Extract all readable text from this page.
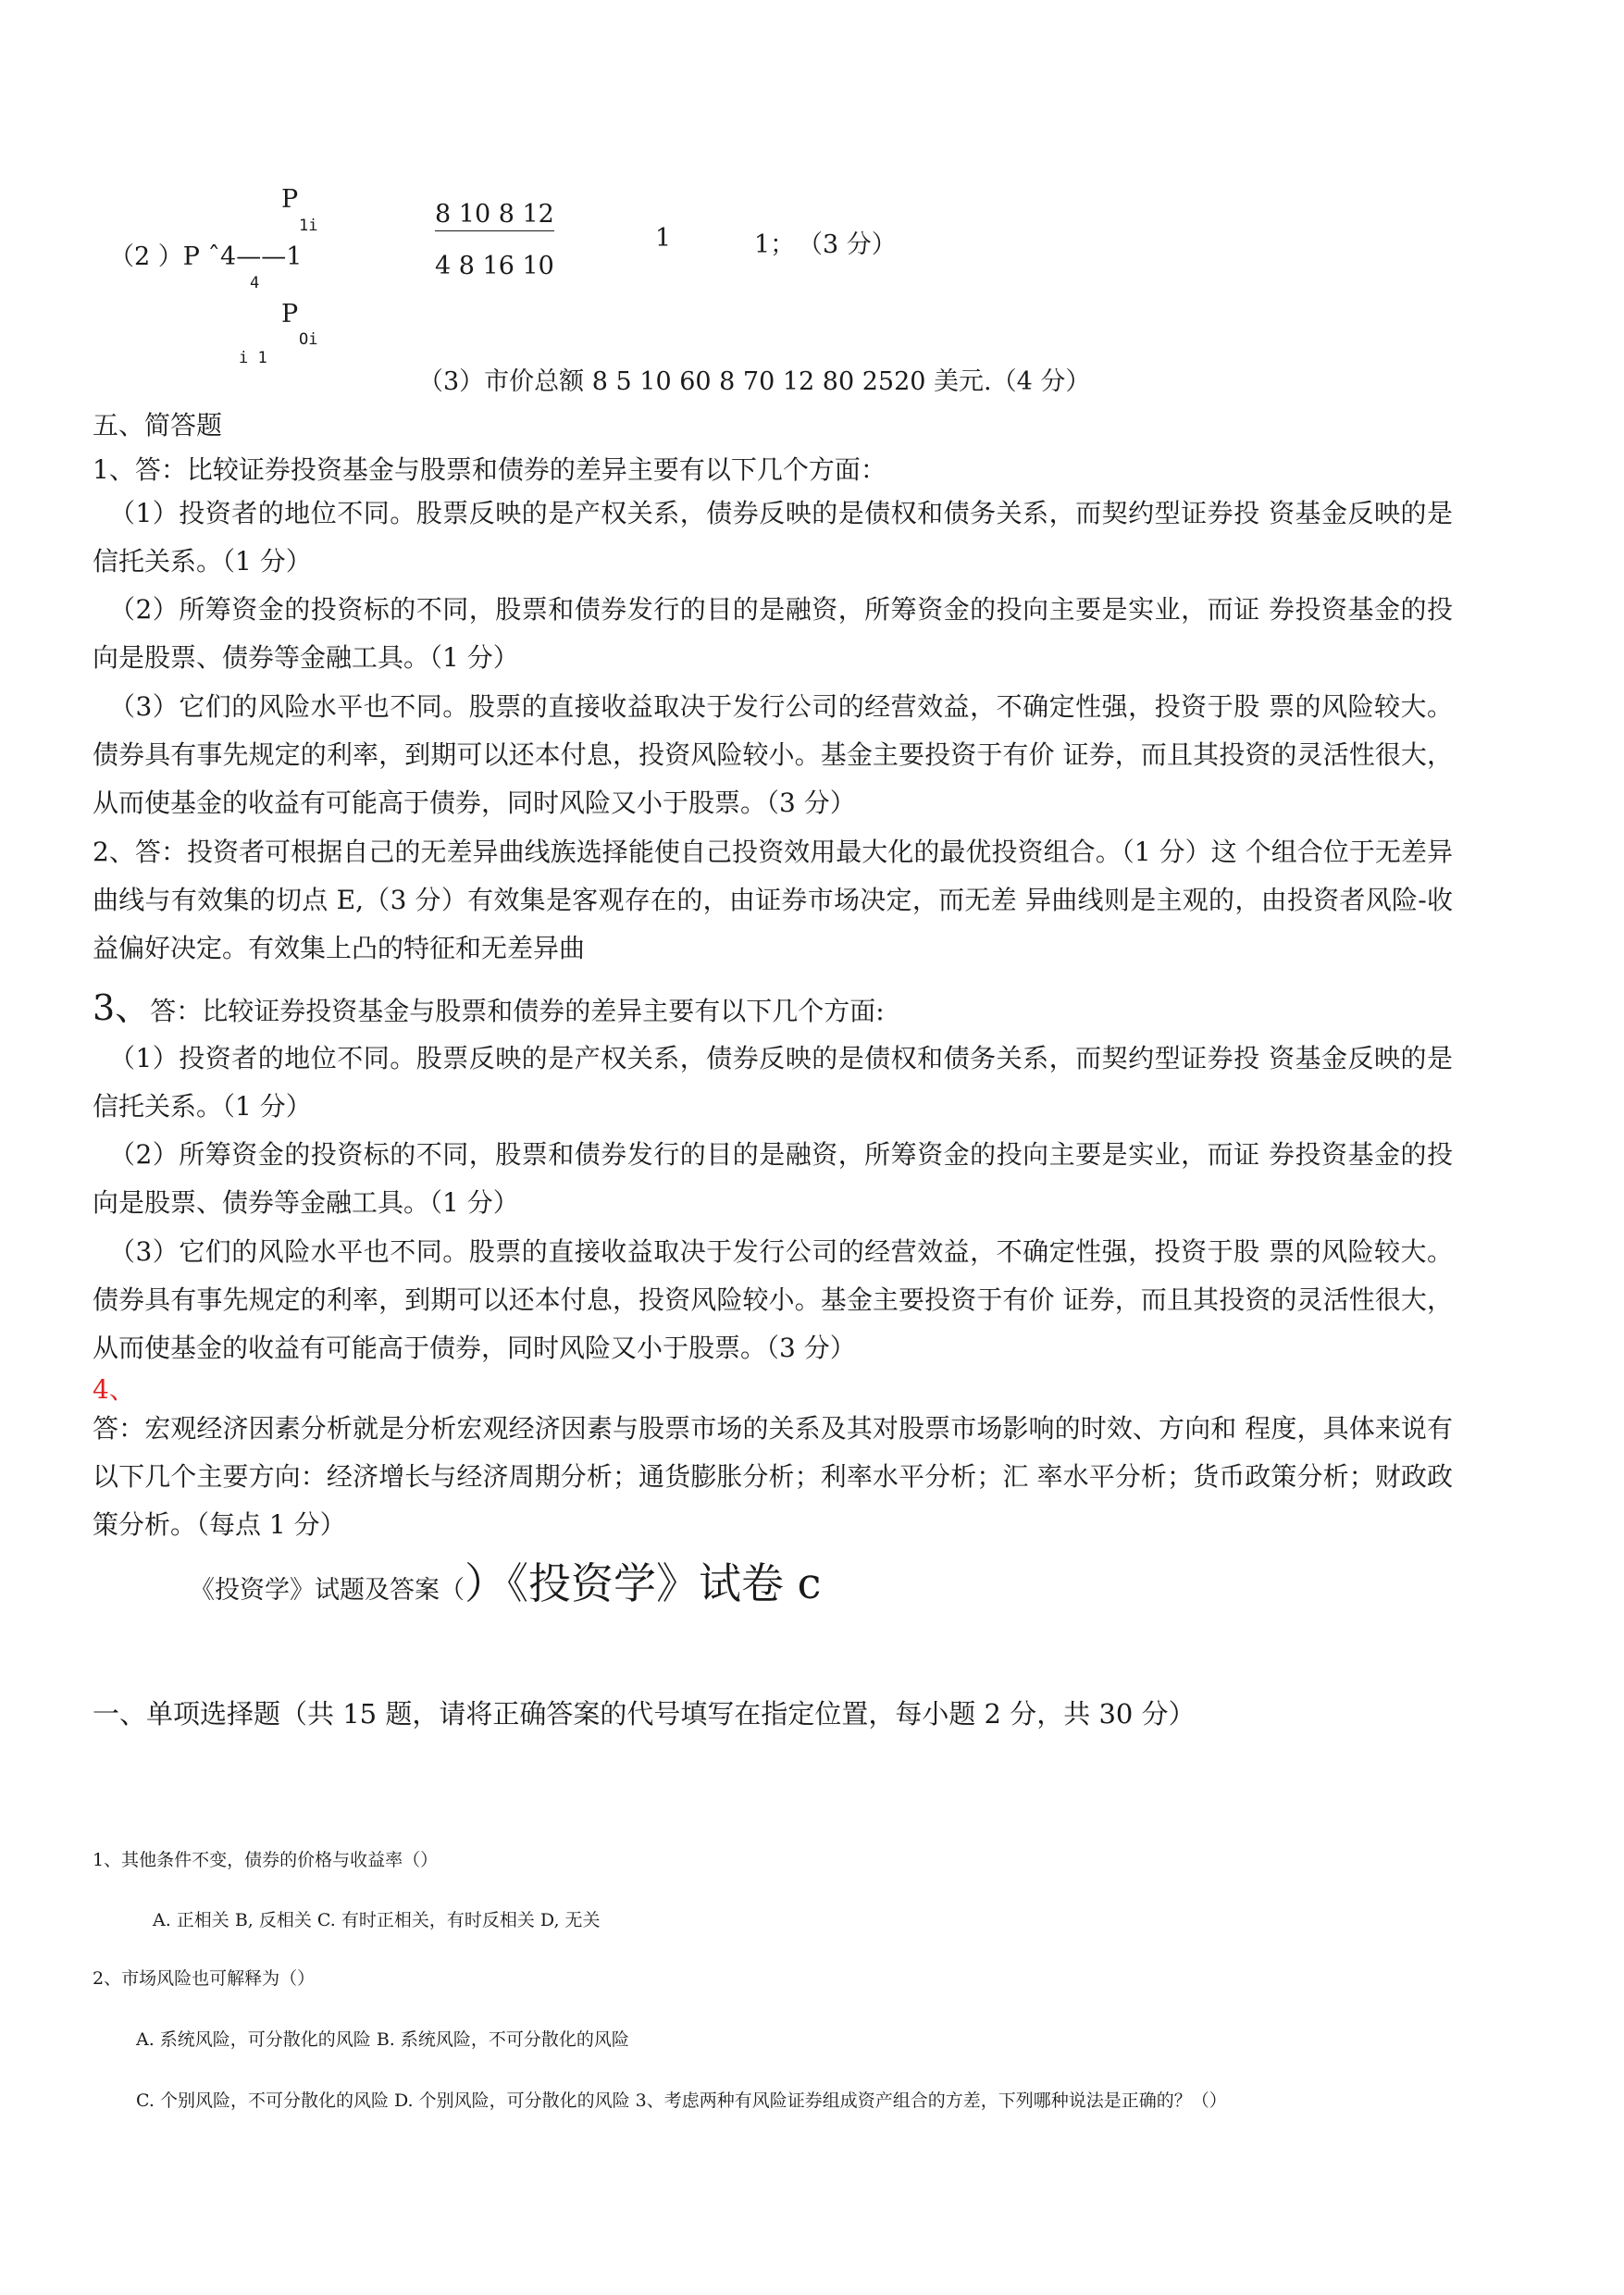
P
1i
（2 ）P ˆ4——1
4
P
Oi
i 1
8 10 8 12
4 8 16 10
1	1； （3 分）
（3）市价总额 8 5 10 60 8 70 12 80 2520 美元.（4 分）
五、简答题
1、答：比较证券投资基金与股票和债券的差异主要有以下几个方面：
（1）投资者的地位不同。股票反映的是产权关系，债券反映的是债权和债务关系，而契约型证券投 资基金反映的是信托关系。（1 分）
（2）所筹资金的投资标的不同，股票和债券发行的目的是融资，所筹资金的投向主要是实业，而证 券投资基金的投向是股票、债券等金融工具。（1 分）
（3）它们的风险水平也不同。股票的直接收益取决于发行公司的经营效益，不确定性强，投资于股 票的风险较大。债券具有事先规定的利率，到期可以还本付息，投资风险较小。基金主要投资于有价 证券，而且其投资的灵活性很大，从而使基金的收益有可能高于债券，同时风险又小于股票。（3 分）
2、答：投资者可根据自己的无差异曲线族选择能使自己投资效用最大化的最优投资组合。（1 分）这 个组合位于无差异曲线与有效集的切点 E,（3 分）有效集是客观存在的，由证券市场决定，而无差 异曲线则是主观的，由投资者风险-收益偏好决定。有效集上凸的特征和无差异曲
3、答：比较证券投资基金与股票和债券的差异主要有以下几个方面:
（1）投资者的地位不同。股票反映的是产权关系，债券反映的是债权和债务关系，而契约型证券投 资基金反映的是信托关系。（1 分）
（2）所筹资金的投资标的不同，股票和债券发行的目的是融资，所筹资金的投向主要是实业，而证 券投资基金的投向是股票、债券等金融工具。（1 分）
（3）它们的风险水平也不同。股票的直接收益取决于发行公司的经营效益，不确定性强，投资于股 票的风险较大。债券具有事先规定的利率，到期可以还本付息，投资风险较小。基金主要投资于有价 证券，而且其投资的灵活性很大，从而使基金的收益有可能高于债券，同时风险又小于股票。（3 分）
4、
答：宏观经济因素分析就是分析宏观经济因素与股票市场的关系及其对股票市场影响的时效、方向和 程度，具体来说有以下几个主要方向：经济增长与经济周期分析；通货膨胀分析；利率水平分析；汇 率水平分析；货币政策分析；财政政策分析。（每点 1 分）
《投资学》试题及答案（）《投资学》试卷 c
一、单项选择题（共 15 题，请将正确答案的代号填写在指定位置，每小题 2 分，共 30 分）
1、其他条件不变，债券的价格与收益率（）
A. 正相关 B, 反相关 C. 有时正相关，有时反相关 D, 无关
2、市场风险也可解释为（）
A. 系统风险，可分散化的风险 B. 系统风险，不可分散化的风险
C. 个别风险，不可分散化的风险 D. 个别风险，可分散化的风险 3、考虑两种有风险证券组成资产组合的方差，下列哪种说法是正确的？（）
